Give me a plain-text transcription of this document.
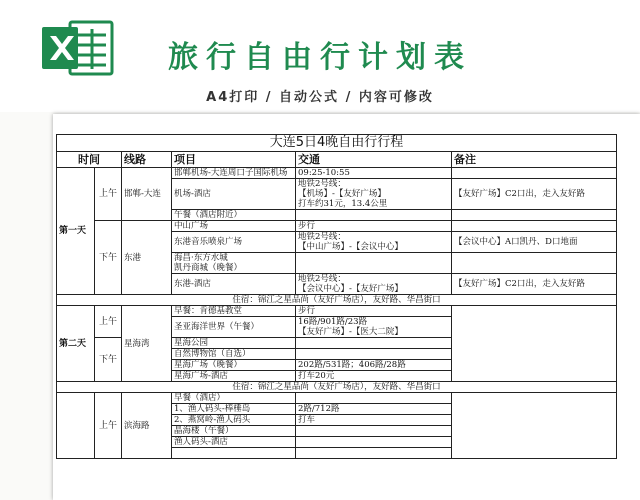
旅行自由行计划表
A4打印 / 自动公式 / 内容可修改
大连5日4晚自由行行程					
时间		线路	项目	交通	备注
第一天	上午	邯郸-大连	邯郸机场-大连周口子国际机场	09:25-10:55	
			机场-酒店	地铁2号线：
【机场】-【友好广场】
打车约31元，13.4公里	【友好广场】C2口出，走入友好路

			午餐（酒店附近）		
	下午	东港	中山广场	步行	
			东港音乐喷泉广场	地铁2号线：
【中山广场】-【会议中心】	【会议中心】A口凯丹、D口地面

			海昌·东方水城
凯丹商城（晚餐）		

			东港-酒店	地铁2号线：
【会议中心】-【友好广场】	【友好广场】C2口出，走入友好路

住宿：锦江之星品尚（友好广场店），友好路、华昌街口					
第二天	上午	星海湾	早餐：肯德基教堂	步行	
			圣亚海洋世界（午餐）	16路/901路/23路
【友好广场】-【医大二院】	

	下午		星海公园		
			自然博物馆（自选）		
			星海广场（晚餐）	202路/531路；406路/28路	
			星海广场-酒店	打车20元	
住宿：锦江之星品尚（友好广场店），友好路、华昌街口					
	上午	滨海路	早餐（酒店）		
			1、渔人码头-棒棰岛	2路/712路	
			2、燕窝岭-渔人码头	打车	
			晶海楼（午餐）		
			渔人码头-酒店		
